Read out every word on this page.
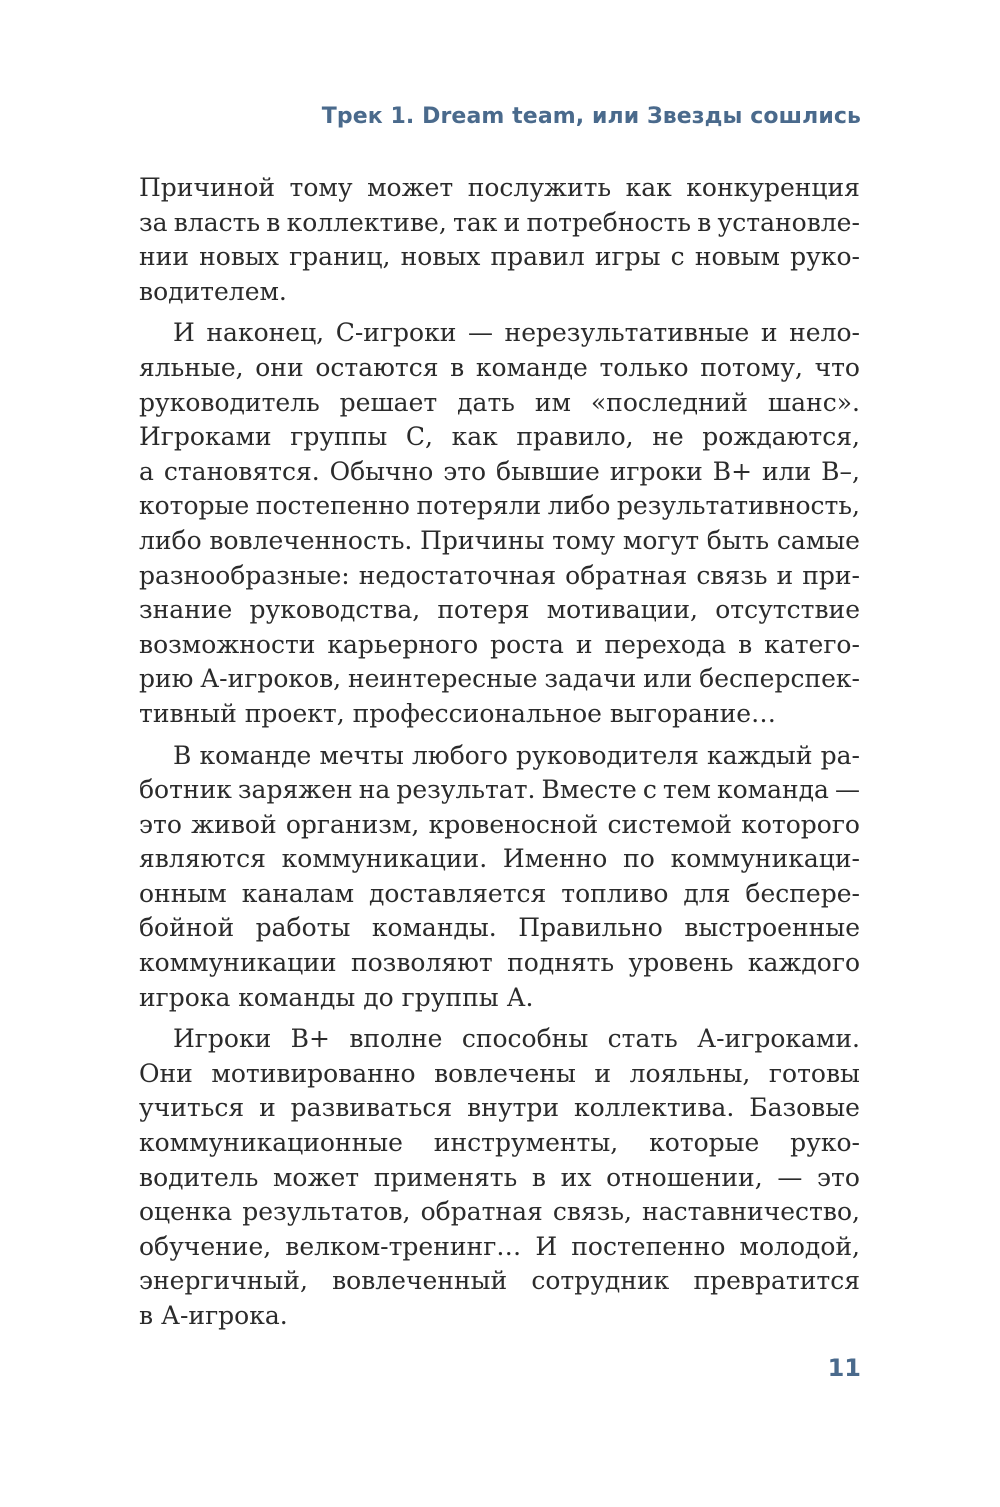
Трек 1. Dream team, или Звезды сошлись
Причиной тому может послужить как конкуренция
за власть в коллективе, так и потребность в установле-
нии новых границ, новых правил игры с новым руко-
водителем.
И наконец, С-игроки — нерезультативные и нело-
яльные, они остаются в команде только потому, что
руководитель решает дать им «последний шанс».
Игроками группы С, как правило, не рождаются,
а становятся. Обычно это бывшие игроки В+ или В–,
которые постепенно потеряли либо результативность,
либо вовлеченность. Причины тому могут быть самые
разнообразные: недостаточная обратная связь и при-
знание руководства, потеря мотивации, отсутствие
возможности карьерного роста и перехода в катего-
рию А-игроков, неинтересные задачи или бесперспек-
тивный проект, профессиональное выгорание…
В команде мечты любого руководителя каждый ра-
ботник заряжен на результат. Вместе с тем команда —
это живой организм, кровеносной системой которого
являются коммуникации. Именно по коммуникаци-
онным каналам доставляется топливо для беспере-
бойной работы команды. Правильно выстроенные
коммуникации позволяют поднять уровень каждого
игрока команды до группы А.
Игроки В+ вполне способны стать А-игроками.
Они мотивированно вовлечены и лояльны, готовы
учиться и развиваться внутри коллектива. Базовые
коммуникационные инструменты, которые руко-
водитель может применять в их отношении, — это
оценка результатов, обратная связь, наставничество,
обучение, велком-тренинг… И постепенно молодой,
энергичный, вовлеченный сотрудник превратится
в А-игрока.
11
